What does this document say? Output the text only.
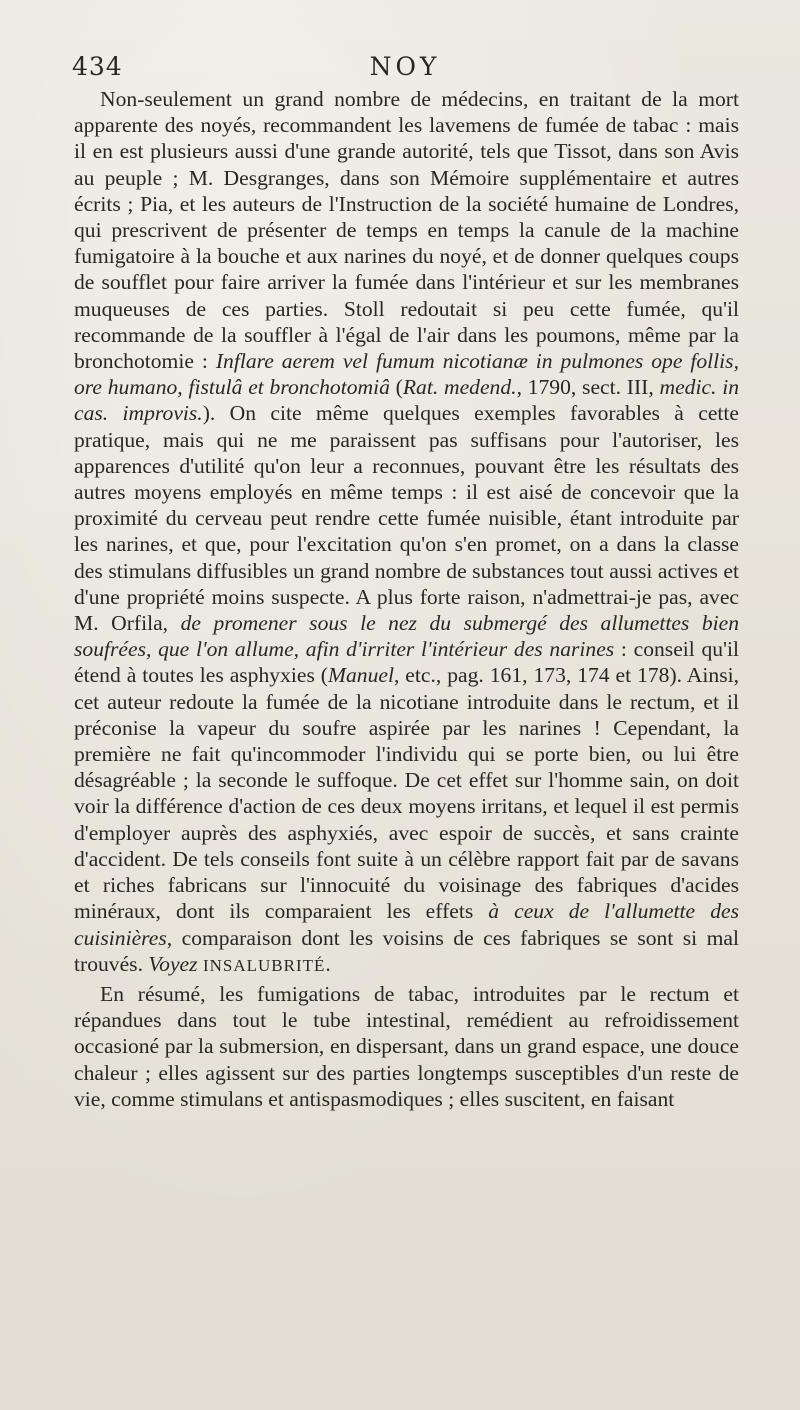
434	NOY

Non-seulement un grand nombre de médecins, en traitant de la mort apparente des noyés, recommandent les lavemens de fumée de tabac : mais il en est plusieurs aussi d'une grande autorité, tels que Tissot, dans son Avis au peuple ; M. Desgranges, dans son Mémoire supplémentaire et autres écrits ; Pia, et les auteurs de l'Instruction de la société humaine de Londres, qui prescrivent de présenter de temps en temps la canule de la machine fumigatoire à la bouche et aux narines du noyé, et de donner quelques coups de soufflet pour faire arriver la fumée dans l'intérieur et sur les membranes muqueuses de ces parties. Stoll redoutait si peu cette fumée, qu'il recommande de la souffler à l'égal de l'air dans les poumons, même par la bronchotomie : Inflare aerem vel fumum nicotianæ in pulmones ope follis, ore humano, fistulâ et bronchotomiâ (Rat. medend., 1790, sect. III, medic. in cas. improvis.). On cite même quelques exemples favorables à cette pratique, mais qui ne me paraissent pas suffisans pour l'autoriser, les apparences d'utilité qu'on leur a reconnues, pouvant être les résultats des autres moyens employés en même temps : il est aisé de concevoir que la proximité du cerveau peut rendre cette fumée nuisible, étant introduite par les narines, et que, pour l'excitation qu'on s'en promet, on a dans la classe des stimulans diffusibles un grand nombre de substances tout aussi actives et d'une propriété moins suspecte. A plus forte raison, n'admettrai-je pas, avec M. Orfila, de promener sous le nez du submergé des allumettes bien soufrées, que l'on allume, afin d'irriter l'intérieur des narines : conseil qu'il étend à toutes les asphyxies (Manuel, etc., pag. 161, 173, 174 et 178). Ainsi, cet auteur redoute la fumée de la nicotiane introduite dans le rectum, et il préconise la vapeur du soufre aspirée par les narines ! Cependant, la première ne fait qu'incommoder l'individu qui se porte bien, ou lui être désagréable ; la seconde le suffoque. De cet effet sur l'homme sain, on doit voir la différence d'action de ces deux moyens irritans, et lequel il est permis d'employer auprès des asphyxiés, avec espoir de succès, et sans crainte d'accident. De tels conseils font suite à un célèbre rapport fait par de savans et riches fabricans sur l'innocuité du voisinage des fabriques d'acides minéraux, dont ils comparaient les effets à ceux de l'allumette des cuisinières, comparaison dont les voisins de ces fabriques se sont si mal trouvés. Voyez INSALUBRITÉ.

En résumé, les fumigations de tabac, introduites par le rectum et répandues dans tout le tube intestinal, remédient au refroidissement occasioné par la submersion, en dispersant, dans un grand espace, une douce chaleur ; elles agissent sur des parties longtemps susceptibles d'un reste de vie, comme stimulans et antispasmodiques ; elles suscitent, en faisant
